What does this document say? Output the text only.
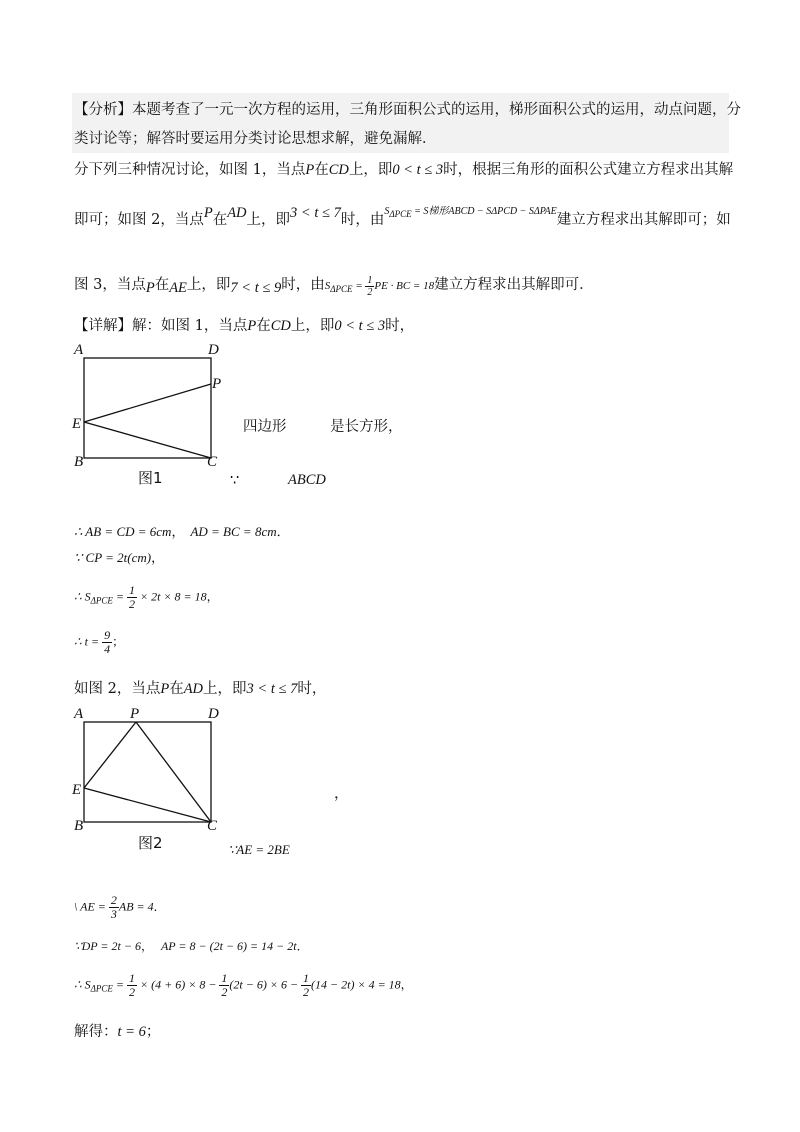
【分析】本题考查了一元一次方程的运用，三角形面积公式的运用，梯形面积公式的运用，动点问题，分
类讨论等；解答时要运用分类讨论思想求解，避免漏解．
分下列三种情况讨论，如图 1，当点P在CD上，即0 < t ≤ 3时，根据三角形的面积公式建立方程求出其解
即可；如图 2，当点P在AD上，即3 < t ≤ 7时，由$^{S_{\Delta PCE} = S梯形ABCD - S\Delta PCD - S\Delta PAE}$建立方程求出其解即可；如
图 3，当点P在AE上，即7 < t ≤ 9时，由$S_{\Delta PCE} = \frac{1}{2}$ PE · BC = 18建立方程求出其解即可．
【详解】解：如图 1，当点P在CD上，即0 < t ≤ 3时，
A	D
P
E
B	C
图1
四边形	是长方形，
∵	ABCD
∴ AB = CD = 6cm， AD = BC = 8cm．
∵ CP = 2t(cm)，
∴ $S_{\Delta PCE} = \frac{1}{2} \times 2t \times 8 = 18$，
∴ $t = \frac{9}{4}$ ；
如图 2，当点P在AD上，即3 < t ≤ 7时，
A	P	D
E
B	C
图2
，
∵AE = 2BE
\ AE = $\frac{2}{3}$ AB = 4．
∵DP = 2t − 6， AP = 8 − (2t − 6) = 14 − 2t．
∴ $S_{\Delta PCE} = \frac{1}{2} \times (4 + 6) \times 8 - \frac{1}{2} (2t - 6) \times 6 - \frac{1}{2} (14 - 2t) \times 4 = 18$，
解得：t = 6；
